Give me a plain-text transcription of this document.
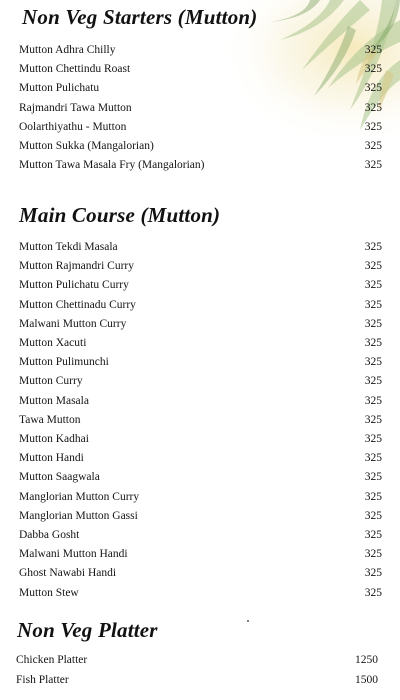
Non Veg Starters (Mutton)
Mutton Adhra Chilly	325
Mutton Chettindu Roast	325
Mutton Pulichatu	325
Rajmandri Tawa Mutton	325
Oolarthiyathu - Mutton	325
Mutton Sukka (Mangalorian)	325
Mutton Tawa Masala Fry (Mangalorian)	325
Main Course (Mutton)
Mutton Tekdi Masala	325
Mutton Rajmandri Curry	325
Mutton Pulichatu Curry	325
Mutton Chettinadu Curry	325
Malwani Mutton Curry	325
Mutton Xacuti	325
Mutton Pulimunchi	325
Mutton Curry	325
Mutton Masala	325
Tawa Mutton	325
Mutton Kadhai	325
Mutton Handi	325
Mutton Saagwala	325
Manglorian Mutton Curry	325
Manglorian Mutton Gassi	325
Dabba Gosht	325
Malwani Mutton Handi	325
Ghost Nawabi Handi	325
Mutton Stew	325
Non Veg Platter
Chicken Platter	1250
Fish Platter	1500
